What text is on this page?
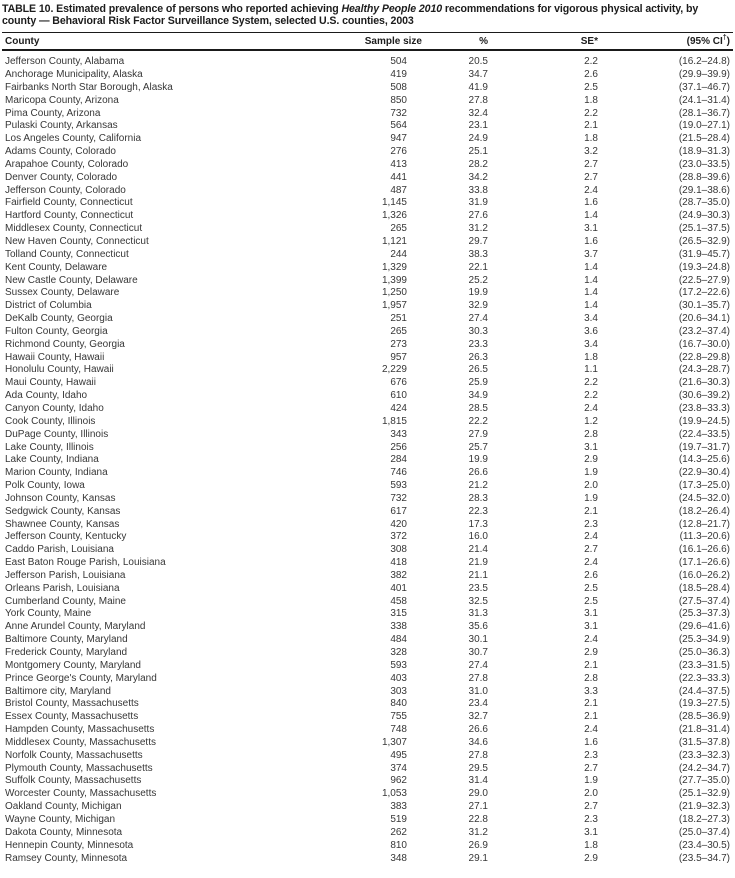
TABLE 10. Estimated prevalence of persons who reported achieving Healthy People 2010 recommendations for vigorous physical activity, by county — Behavioral Risk Factor Surveillance System, selected U.S. counties, 2003
County	Sample size	%	SE*	(95% CI†)
Jefferson County, Alabama	504	20.5	2.2	(16.2–24.8)
Anchorage Municipality, Alaska	419	34.7	2.6	(29.9–39.9)
Fairbanks North Star Borough, Alaska	508	41.9	2.5	(37.1–46.7)
Maricopa County, Arizona	850	27.8	1.8	(24.1–31.4)
Pima County, Arizona	732	32.4	2.2	(28.1–36.7)
Pulaski County, Arkansas	564	23.1	2.1	(19.0–27.1)
Los Angeles County, California	947	24.9	1.8	(21.5–28.4)
Adams County, Colorado	276	25.1	3.2	(18.9–31.3)
Arapahoe County, Colorado	413	28.2	2.7	(23.0–33.5)
Denver County, Colorado	441	34.2	2.7	(28.8–39.6)
Jefferson County, Colorado	487	33.8	2.4	(29.1–38.6)
Fairfield County, Connecticut	1,145	31.9	1.6	(28.7–35.0)
Hartford County, Connecticut	1,326	27.6	1.4	(24.9–30.3)
Middlesex County, Connecticut	265	31.2	3.1	(25.1–37.5)
New Haven County, Connecticut	1,121	29.7	1.6	(26.5–32.9)
Tolland County, Connecticut	244	38.3	3.7	(31.9–45.7)
Kent County, Delaware	1,329	22.1	1.4	(19.3–24.8)
New Castle County, Delaware	1,399	25.2	1.4	(22.5–27.9)
Sussex County, Delaware	1,250	19.9	1.4	(17.2–22.6)
District of Columbia	1,957	32.9	1.4	(30.1–35.7)
DeKalb County, Georgia	251	27.4	3.4	(20.6–34.1)
Fulton County, Georgia	265	30.3	3.6	(23.2–37.4)
Richmond County, Georgia	273	23.3	3.4	(16.7–30.0)
Hawaii County, Hawaii	957	26.3	1.8	(22.8–29.8)
Honolulu County, Hawaii	2,229	26.5	1.1	(24.3–28.7)
Maui County, Hawaii	676	25.9	2.2	(21.6–30.3)
Ada County, Idaho	610	34.9	2.2	(30.6–39.2)
Canyon County, Idaho	424	28.5	2.4	(23.8–33.3)
Cook County, Illinois	1,815	22.2	1.2	(19.9–24.5)
DuPage County, Illinois	343	27.9	2.8	(22.4–33.5)
Lake County, Illinois	256	25.7	3.1	(19.7–31.7)
Lake County, Indiana	284	19.9	2.9	(14.3–25.6)
Marion County, Indiana	746	26.6	1.9	(22.9–30.4)
Polk County, Iowa	593	21.2	2.0	(17.3–25.0)
Johnson County, Kansas	732	28.3	1.9	(24.5–32.0)
Sedgwick County, Kansas	617	22.3	2.1	(18.2–26.4)
Shawnee County, Kansas	420	17.3	2.3	(12.8–21.7)
Jefferson County, Kentucky	372	16.0	2.4	(11.3–20.6)
Caddo Parish, Louisiana	308	21.4	2.7	(16.1–26.6)
East Baton Rouge Parish, Louisiana	418	21.9	2.4	(17.1–26.6)
Jefferson Parish, Louisiana	382	21.1	2.6	(16.0–26.2)
Orleans Parish, Louisiana	401	23.5	2.5	(18.5–28.4)
Cumberland County, Maine	458	32.5	2.5	(27.5–37.4)
York County, Maine	315	31.3	3.1	(25.3–37.3)
Anne Arundel County, Maryland	338	35.6	3.1	(29.6–41.6)
Baltimore County, Maryland	484	30.1	2.4	(25.3–34.9)
Frederick County, Maryland	328	30.7	2.9	(25.0–36.3)
Montgomery County, Maryland	593	27.4	2.1	(23.3–31.5)
Prince George's County, Maryland	403	27.8	2.8	(22.3–33.3)
Baltimore city, Maryland	303	31.0	3.3	(24.4–37.5)
Bristol County, Massachusetts	840	23.4	2.1	(19.3–27.5)
Essex County, Massachusetts	755	32.7	2.1	(28.5–36.9)
Hampden County, Massachusetts	748	26.6	2.4	(21.8–31.4)
Middlesex County, Massachusetts	1,307	34.6	1.6	(31.5–37.8)
Norfolk County, Massachusetts	495	27.8	2.3	(23.3–32.3)
Plymouth County, Massachusetts	374	29.5	2.7	(24.2–34.7)
Suffolk County, Massachusetts	962	31.4	1.9	(27.7–35.0)
Worcester County, Massachusetts	1,053	29.0	2.0	(25.1–32.9)
Oakland County, Michigan	383	27.1	2.7	(21.9–32.3)
Wayne County, Michigan	519	22.8	2.3	(18.2–27.3)
Dakota County, Minnesota	262	31.2	3.1	(25.0–37.4)
Hennepin County, Minnesota	810	26.9	1.8	(23.4–30.5)
Ramsey County, Minnesota	348	29.1	2.9	(23.5–34.7)
